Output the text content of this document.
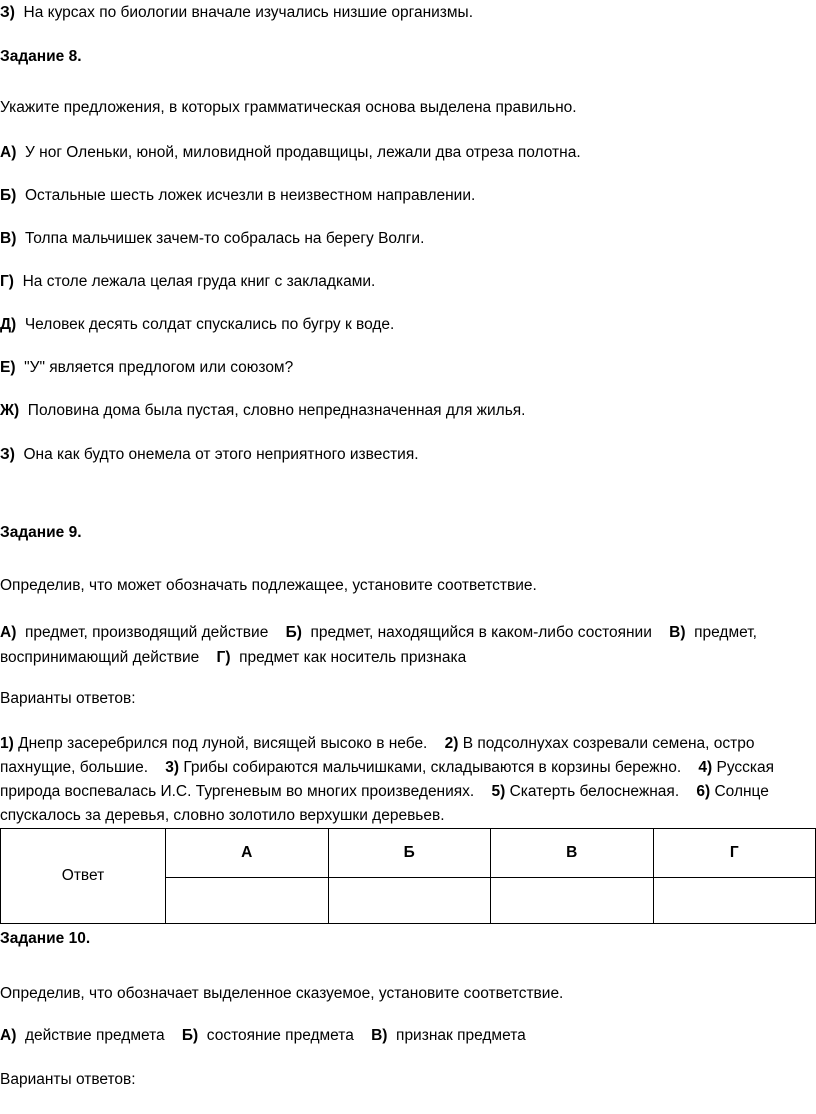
З) На курсах по биологии вначале изучались низшие организмы.
Задание 8.
Укажите предложения, в которых грамматическая основа выделена правильно.
А) У ног Оленьки, юной, миловидной продавщицы, лежали два отреза полотна.
Б) Остальные шесть ложек исчезли в неизвестном направлении.
В) Толпа мальчишек зачем-то собралась на берегу Волги.
Г) На столе лежала целая груда книг с закладками.
Д) Человек десять солдат спускались по бугру к воде.
Е) "У" является предлогом или союзом?
Ж) Половина дома была пустая, словно непредназначенная для жилья.
З) Она как будто онемела от этого неприятного известия.
Задание 9.
Определив, что может обозначать подлежащее, установите соответствие.
А) предмет, производящий действие Б) предмет, находящийся в каком-либо состоянии В) предмет, воспринимающий действие Г) предмет как носитель признака
Варианты ответов:
1) Днепр засеребрился под луной, висящей высоко в небе. 2) В подсолнухах созревали семена, остро пахнущие, большие. 3) Грибы собираются мальчишками, складываются в корзины бережно. 4) Русская природа воспевалась И.С. Тургеневым во многих произведениях. 5) Скатерть белоснежная. 6) Солнце спускалось за деревья, словно золотило верхушки деревьев.
Ответ	А	Б	В	Г

Задание 10.
Определив, что обозначает выделенное сказуемое, установите соответствие.
А) действие предмета Б) состояние предмета В) признак предмета
Варианты ответов:
